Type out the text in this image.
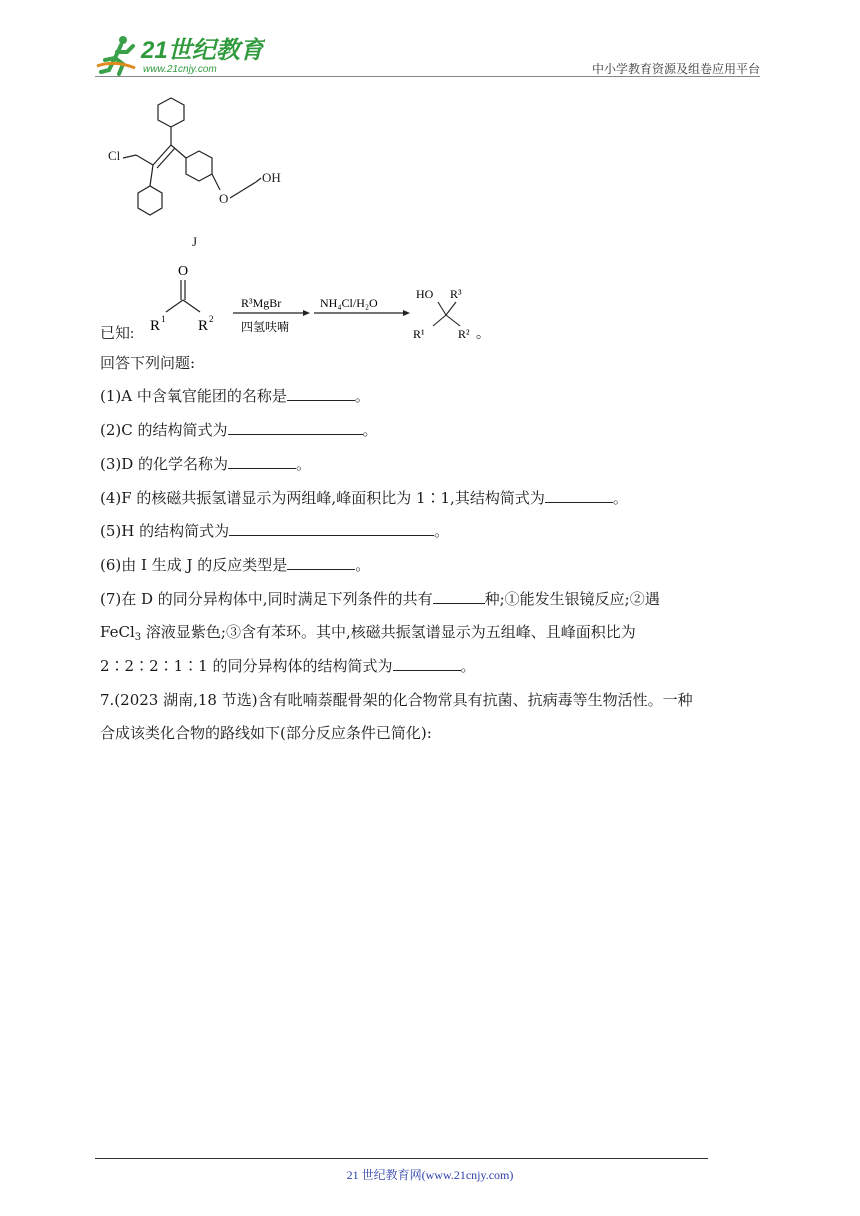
21世纪教育
www.21cnjy.com	中小学教育资源及组卷应用平台
Cl
O
OH
J
已知:
O
R 1 R 2
R³MgBr
四氢呋喃
NH₄Cl/H₂O
HO R³
R¹	R² 。
回答下列问题:
(1)A 中含氧官能团的名称是	。
(2)C 的结构简式为	。
(3)D 的化学名称为	。
(4)F 的核磁共振氢谱显示为两组峰,峰面积比为 1∶1,其结构简式为	。
(5)H 的结构简式为	。
(6)由 I 生成 J 的反应类型是	。
(7)在 D 的同分异构体中,同时满足下列条件的共有	种;①能发生银镜反应;②遇
FeCl$_3$ 溶液显紫色;③含有苯环。其中,核磁共振氢谱显示为五组峰、且峰面积比为
2∶2∶2∶1∶1 的同分异构体的结构简式为	。
7.(2023 湖南,18 节选)含有吡喃萘醌骨架的化合物常具有抗菌、抗病毒等生物活性。一种
合成该类化合物的路线如下(部分反应条件已简化):
21 世纪教育网(www.21cnjy.com)
